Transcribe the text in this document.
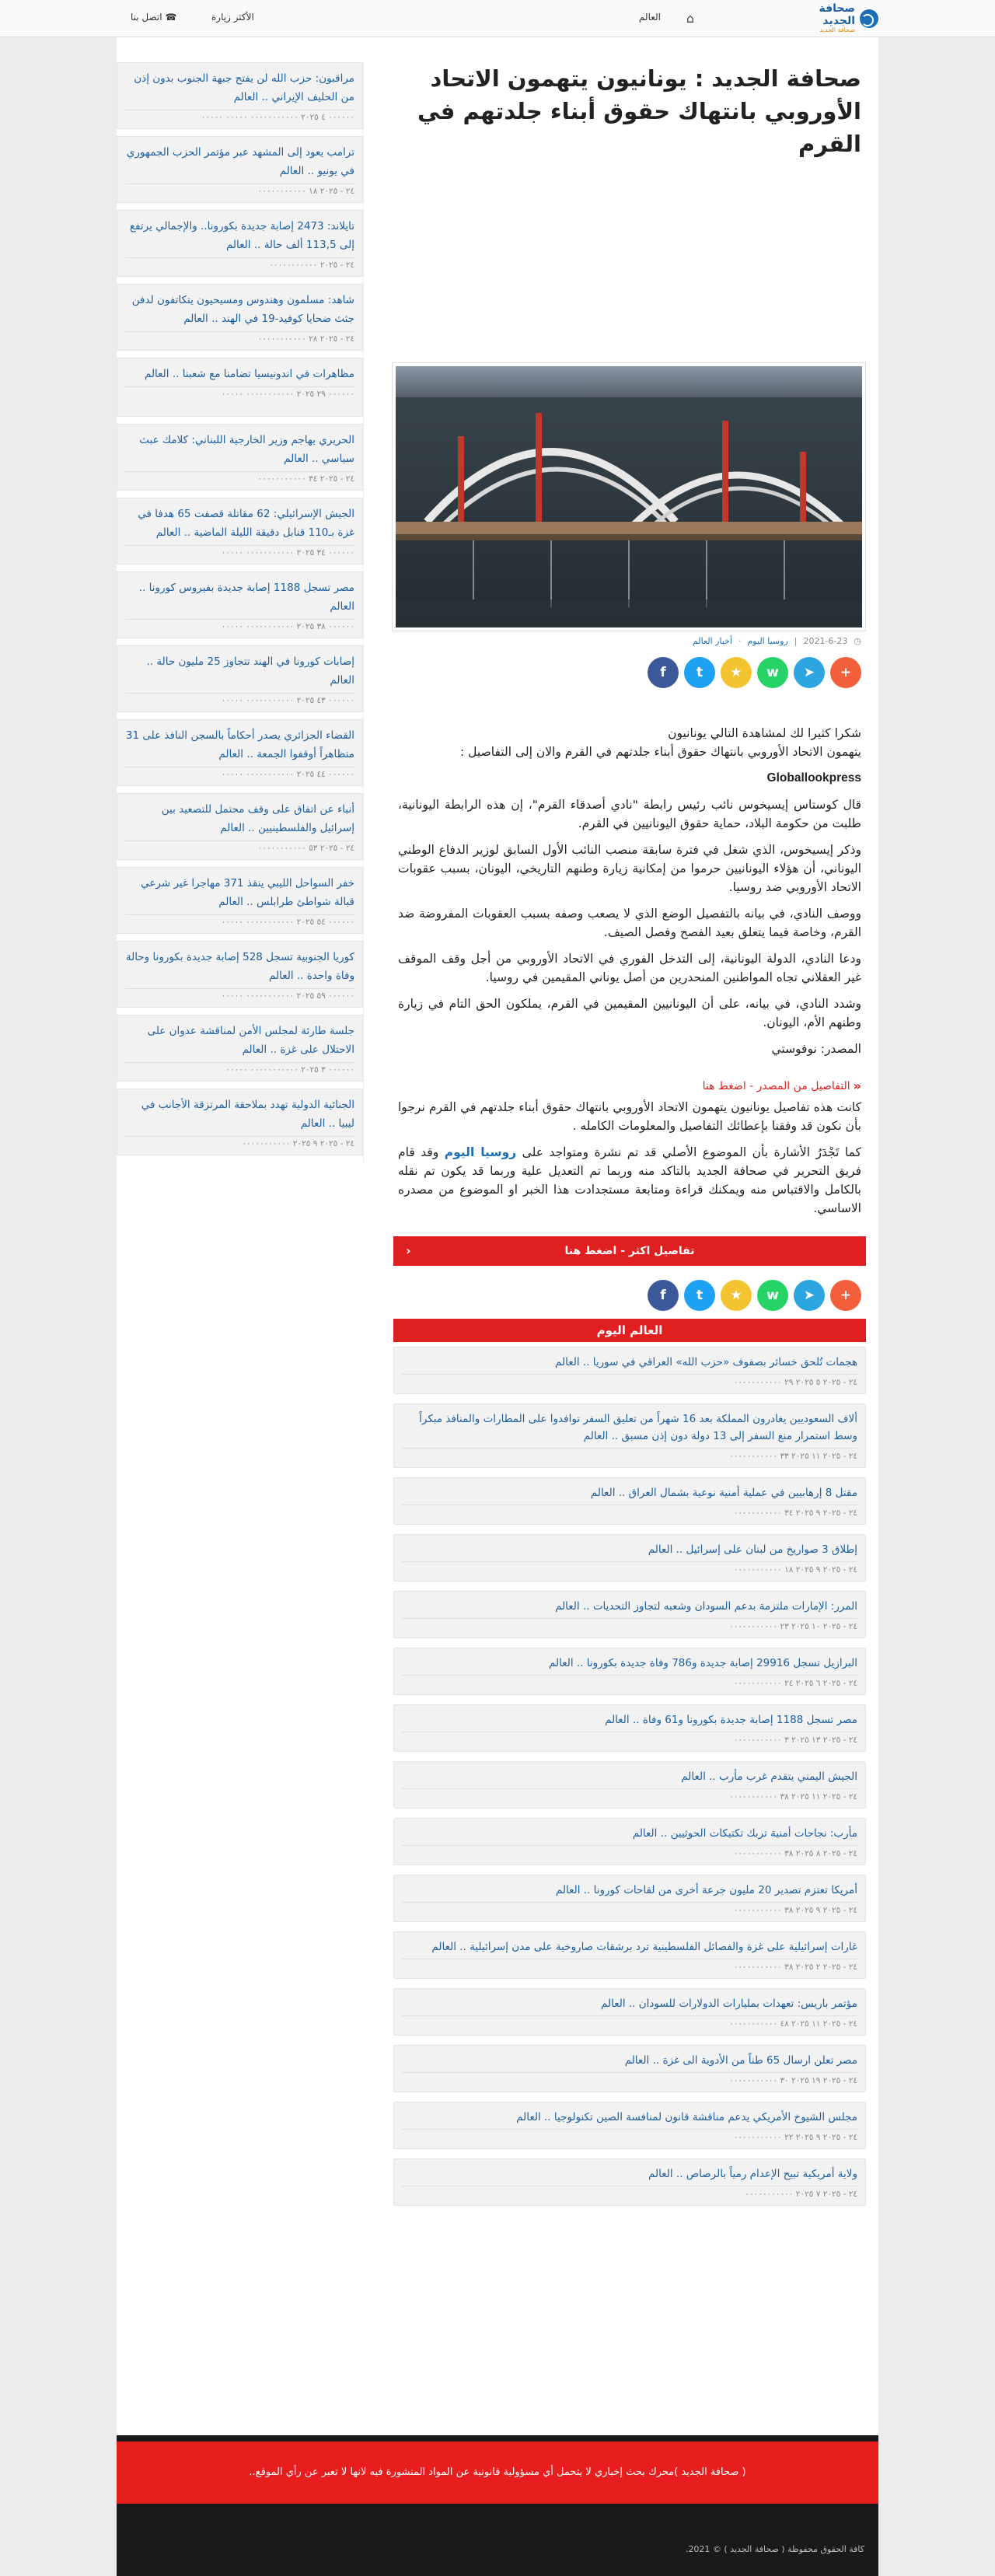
صحافة الجديد
صحافة الجديد
⌂
العالم
الأكثر زيارة
☎ اتصل بنا
صحافة الجديد : يونانيون يتهمون الاتحاد الأوروبي بانتهاك حقوق أبناء جلدتهم في القرم
◷
2021-6-23
|
روسيا اليوم
·
أخبار العالم
f	t	★	w	➤	+

شكرا كثيرا لك لمشاهدة التالي يونانيون
يتهمون الاتحاد الأوروبي بانتهاك حقوق أبناء جلدتهم في القرم والان إلى التفاصيل :

Globallookpress

قال كوستاس إيسيخوس نائب رئيس رابطة "نادي أصدقاء القرم"، إن هذه الرابطة اليونانية، طلبت من حكومة البلاد، حماية حقوق اليونانيين في القرم.

وذكر إيسيخوس، الذي شغل في فترة سابقة منصب النائب الأول السابق لوزير الدفاع الوطني اليوناني، أن هؤلاء اليونانيين حرموا من إمكانية زيارة وطنهم التاريخي، اليونان، بسبب عقوبات الاتحاد الأوروبي ضد روسيا.

ووصف النادي، في بيانه بالتفصيل الوضع الذي لا يصعب وصفه بسبب العقوبات المفروضة ضد القرم، وخاصة فيما يتعلق بعيد الفصح وفصل الصيف.

ودعا النادي، الدولة اليونانية، إلى التدخل الفوري في الاتحاد الأوروبي من أجل وقف الموقف غير العقلاني تجاه المواطنين المنحدرين من أصل يوناني المقيمين في روسيا.

وشدد النادي، في بيانه، على أن اليونانيين المقيمين في القرم، يملكون الحق التام في زيارة وطنهم الأم، اليونان.

المصدر: نوفوستي

«
التفاصيل من المصدر - اضغط هنا

كانت هذه تفاصيل يونانيون يتهمون الاتحاد الأوروبي بانتهاك حقوق أبناء جلدتهم في القرم نرجوا بأن نكون قد وفقنا بإعطائك التفاصيل والمعلومات الكامله .

كما تَجْدَرُ الأشارة بأن الموضوع الأصلي قد تم نشرة ومتواجد على روسيا اليوم وقد قام فريق التحرير في صحافة الجديد بالتاكد منه وربما تم التعديل علية وربما قد يكون تم نقله بالكامل والاقتباس منه ويمكنك قراءة ومتابعة مستجدادت هذا الخبر او الموضوع من مصدره الاساسي.

تفاصيل اكثر - اضغط هنا
‹
f	t	★	w	➤	+
العالم اليوم
هجمات تُلحق خسائر بصفوف «حزب الله» العراقي في سوريا .. العالم
٢٤ - ٢٠٢٥ ٥ ٢٠٢٥ ٢٩ ٠٠٠٠٠٠٠٠٠٠٠
ألاف السعوديين يغادرون المملكة بعد 16 شهراً من تعليق السفر توافدوا على المطارات والمنافذ مبكراً وسط استمرار منع السفر إلى 13 دولة دون إذن مسبق .. العالم
٢٤ - ٢٠٢٥ ١١ ٢٠٢٥ ٣٣ ٠٠٠٠٠٠٠٠٠٠٠
مقتل 8 إرهابيين في عملية أمنية نوعية بشمال العراق .. العالم
٢٤ - ٢٠٢٥ ٩ ٢٠٢٥ ٣٤ ٠٠٠٠٠٠٠٠٠٠٠
إطلاق 3 صواريخ من لبنان على إسرائيل .. العالم
٢٤ - ٢٠٢٥ ٩ ٢٠٢٥ ١٨ ٠٠٠٠٠٠٠٠٠٠٠
المرر: الإمارات ملتزمة بدعم السودان وشعبه لتجاوز التحديات .. العالم
٢٤ - ٢٠٢٥ ١٠ ٢٠٢٥ ٢٣ ٠٠٠٠٠٠٠٠٠٠٠
البرازيل تسجل 29916 إصابة جديدة و786 وفاة جديدة بكورونا .. العالم
٢٤ - ٢٠٢٥ ٦ ٢٠٢٥ ٢٤ ٠٠٠٠٠٠٠٠٠٠٠
مصر تسجل 1188 إصابة جديدة بكورونا و61 وفاة .. العالم
٢٤ - ٢٠٢٥ ١٣ ٢٠٢٥ ٣ ٠٠٠٠٠٠٠٠٠٠٠
الجيش اليمني يتقدم غرب مأرب .. العالم
٢٤ - ٢٠٢٥ ١١ ٢٠٢٥ ٣٨ ٠٠٠٠٠٠٠٠٠٠٠
مأرب: نجاحات أمنية تربك تكتيكات الحوثيين .. العالم
٢٤ - ٢٠٢٥ ٨ ٢٠٢٥ ٣٨ ٠٠٠٠٠٠٠٠٠٠٠
أمريكا تعتزم تصدير 20 مليون جرعة أخرى من لقاحات كورونا .. العالم
٢٤ - ٢٠٢٥ ٩ ٢٠٢٥ ٣٨ ٠٠٠٠٠٠٠٠٠٠٠
غارات إسرائيلية على غزة والفصائل الفلسطينية ترد برشقات صاروخية على مدن إسرائيلية .. العالم
٢٤ - ٢٠٢٥ ٢ ٢٠٢٥ ٣٨ ٠٠٠٠٠٠٠٠٠٠٠
مؤتمر باريس: تعهدات بمليارات الدولارات للسودان .. العالم
٢٤ - ٢٠٢٥ ١١ ٢٠٢٥ ٤٨ ٠٠٠٠٠٠٠٠٠٠٠
مصر تعلن ارسال 65 طناً من الأدوية الى غزة .. العالم
٢٤ - ٢٠٢٥ ١٩ ٢٠٢٥ ٣٠ ٠٠٠٠٠٠٠٠٠٠٠
مجلس الشيوخ الأمريكي يدعم مناقشة قانون لمنافسة الصين تكنولوجيا .. العالم
٢٤ - ٢٠٢٥ ٩ ٢٠٢٥ ٢٢ ٠٠٠٠٠٠٠٠٠٠٠
ولاية أمريكية تبيح الإعدام رمياً بالرصاص .. العالم
٢٤ - ٢٠٢٥ ٧ ٢٠٢٥ ٠٠٠٠٠٠٠٠٠٠٠
مراقبون: حزب الله لن يفتح جبهة الجنوب بدون إذن من الحليف الإيراني .. العالم
٠٠٠٠٠٠ ٤ ٢٠٢٥ ٠٠٠٠٠٠٠٠٠٠٠ ٠٠٠٠٠ ٠٠٠٠٠
ترامب يعود إلى المشهد عبر مؤتمر الحزب الجمهوري في يونيو .. العالم
٢٤ - ٢٠٢٥ ١٨ ٠٠٠٠٠٠٠٠٠٠٠
تايلاند: 2473 إصابة جديدة بكورونا.. والإجمالي يرتفع إلى 113,5 ألف حالة .. العالم
٢٤ - ٢٠٢٥ ٠٠٠٠٠٠٠٠٠٠٠
شاهد: مسلمون وهندوس ومسيحيون يتكاتفون لدفن جثث ضحايا كوفيد-19 في الهند .. العالم
٢٤ - ٢٠٢٥ ٢٨ ٠٠٠٠٠٠٠٠٠٠٠
مظاهرات في اندونيسيا تضامنا مع شعبنا .. العالم
٠٠٠٠٠٠ ٢٩ ٢٠٢٥ ٠٠٠٠٠٠٠٠٠٠٠ ٠٠٠٠٠
الحريري يهاجم وزير الخارجية اللبناني: كلامك عبث سياسي .. العالم
٢٤ - ٢٠٢٥ ٣٤ ٠٠٠٠٠٠٠٠٠٠٠
الجيش الإسرائيلي: 62 مقاتلة قصفت 65 هدفا في غزة بـ110 قنابل دقيقة الليلة الماضية .. العالم
٠٠٠٠٠٠ ٣٤ ٢٠٢٥ ٠٠٠٠٠٠٠٠٠٠٠ ٠٠٠٠٠
مصر تسجل 1188 إصابة جديدة بفيروس كورونا .. العالم
٠٠٠٠٠٠ ٣٨ ٢٠٢٥ ٠٠٠٠٠٠٠٠٠٠٠ ٠٠٠٠٠
إصابات كورونا في الهند تتجاوز 25 مليون حالة .. العالم
٠٠٠٠٠٠ ٤٣ ٢٠٢٥ ٠٠٠٠٠٠٠٠٠٠٠ ٠٠٠٠٠
القضاء الجزائري يصدر أحكاماً بالسجن النافذ على 31 متظاهراً أوقفوا الجمعة .. العالم
٠٠٠٠٠٠ ٤٤ ٢٠٢٥ ٠٠٠٠٠٠٠٠٠٠٠ ٠٠٠٠٠
أنباء عن اتفاق على وقف محتمل للتصعيد بين إسرائيل والفلسطينيين .. العالم
٢٤ - ٢٠٢٥ ٥٣ ٠٠٠٠٠٠٠٠٠٠٠
خفر السواحل الليبي ينقذ 371 مهاجرا غير شرعي قبالة شواطئ طرابلس .. العالم
٠٠٠٠٠٠ ٥٤ ٢٠٢٥ ٠٠٠٠٠٠٠٠٠٠٠ ٠٠٠٠٠
كوريا الجنوبية تسجل 528 إصابة جديدة بكورونا وحالة وفاة واحدة .. العالم
٠٠٠٠٠٠ ٥٩ ٢٠٢٥ ٠٠٠٠٠٠٠٠٠٠٠ ٠٠٠٠٠
جلسة طارئة لمجلس الأمن لمناقشة عدوان على الاحتلال على غزة .. العالم
٠٠٠٠٠٠ ٣ ٢٠٢٥ ٠٠٠٠٠٠٠٠٠٠٠ ٠٠٠٠٠
الجنائية الدولية تهدد بملاحقة المرتزقة الأجانب في ليبيا .. العالم
٢٤ - ٢٠٢٥ ٩ ٢٠٢٥ ٠٠٠٠٠٠٠٠٠٠٠
( صحافة الجديد )محرك بحث إخباري لا يتحمل أي مسؤولية قانونية عن المواد المنشورة فيه لانها لا تعبر عن رأي الموقع..
كافة الحقوق محفوظة ( صحافة الجديد ) © 2021.
